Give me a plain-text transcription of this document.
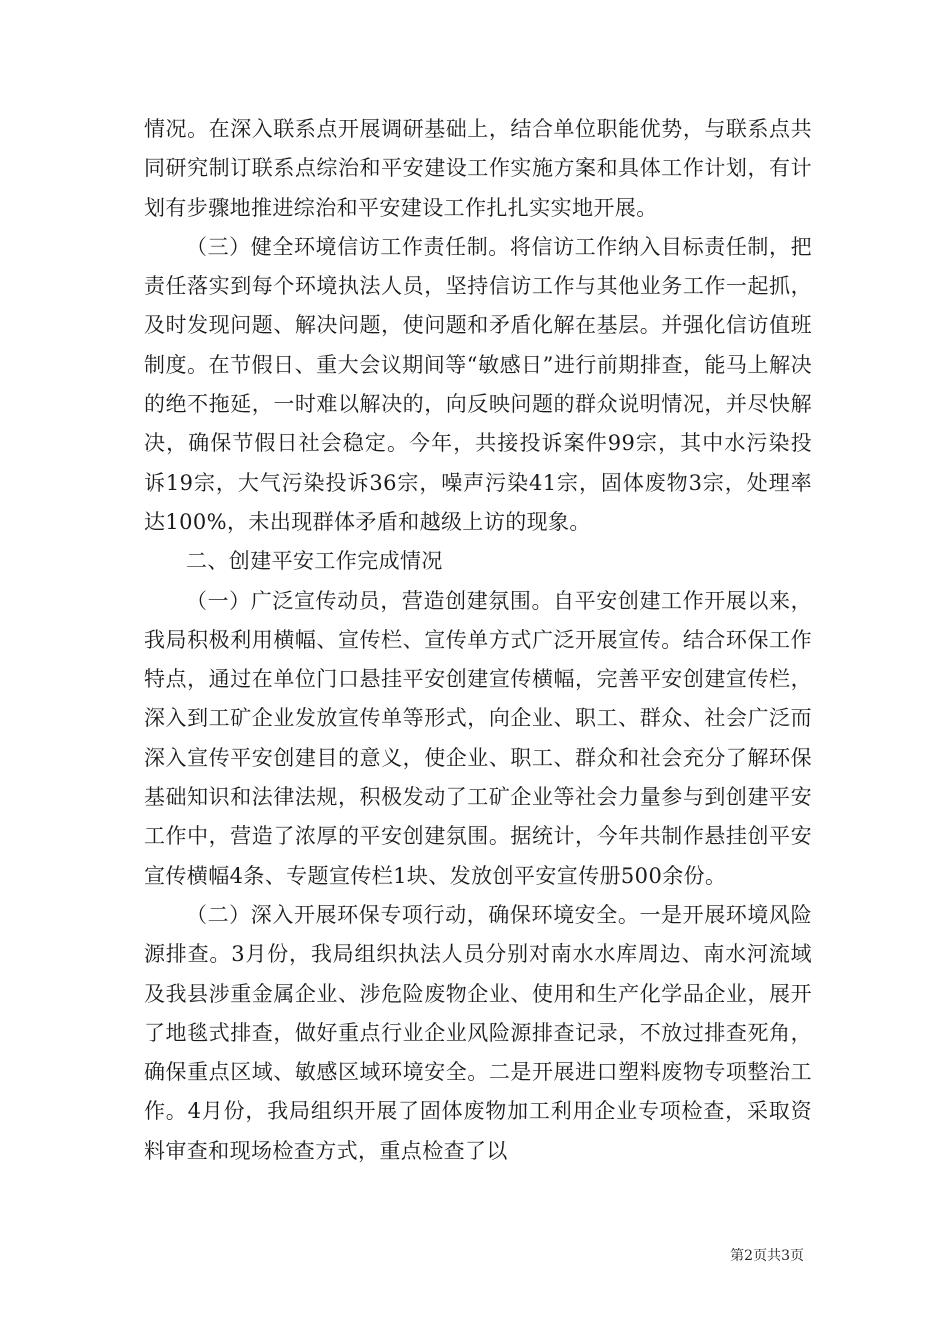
情况。在深入联系点开展调研基础上，结合单位职能优势，与联系点共同研究制订联系点综治和平安建设工作实施方案和具体工作计划，有计划有步骤地推进综治和平安建设工作扎扎实实地开展。

（三）健全环境信访工作责任制。将信访工作纳入目标责任制，把责任落实到每个环境执法人员，坚持信访工作与其他业务工作一起抓，及时发现问题、解决问题，使问题和矛盾化解在基层。并强化信访值班制度。在节假日、重大会议期间等“敏感日”进行前期排查，能马上解决的绝不拖延，一时难以解决的，向反映问题的群众说明情况，并尽快解决，确保节假日社会稳定。今年，共接投诉案件99宗，其中水污染投诉19宗，大气污染投诉36宗，噪声污染41宗，固体废物3宗，处理率达100%，未出现群体矛盾和越级上访的现象。

二、创建平安工作完成情况

（一）广泛宣传动员，营造创建氛围。自平安创建工作开展以来，我局积极利用横幅、宣传栏、宣传单方式广泛开展宣传。结合环保工作特点，通过在单位门口悬挂平安创建宣传横幅，完善平安创建宣传栏，深入到工矿企业发放宣传单等形式，向企业、职工、群众、社会广泛而深入宣传平安创建目的意义，使企业、职工、群众和社会充分了解环保基础知识和法律法规，积极发动了工矿企业等社会力量参与到创建平安工作中，营造了浓厚的平安创建氛围。据统计，今年共制作悬挂创平安宣传横幅4条、专题宣传栏1块、发放创平安宣传册500余份。

（二）深入开展环保专项行动，确保环境安全。一是开展环境风险源排查。3月份，我局组织执法人员分别对南水水库周边、南水河流域及我县涉重金属企业、涉危险废物企业、使用和生产化学品企业，展开了地毯式排查，做好重点行业企业风险源排查记录，不放过排查死角，确保重点区域、敏感区域环境安全。二是开展进口塑料废物专项整治工作。4月份，我局组织开展了固体废物加工利用企业专项检查，采取资料审查和现场检查方式，重点检查了以

第2页共3页
